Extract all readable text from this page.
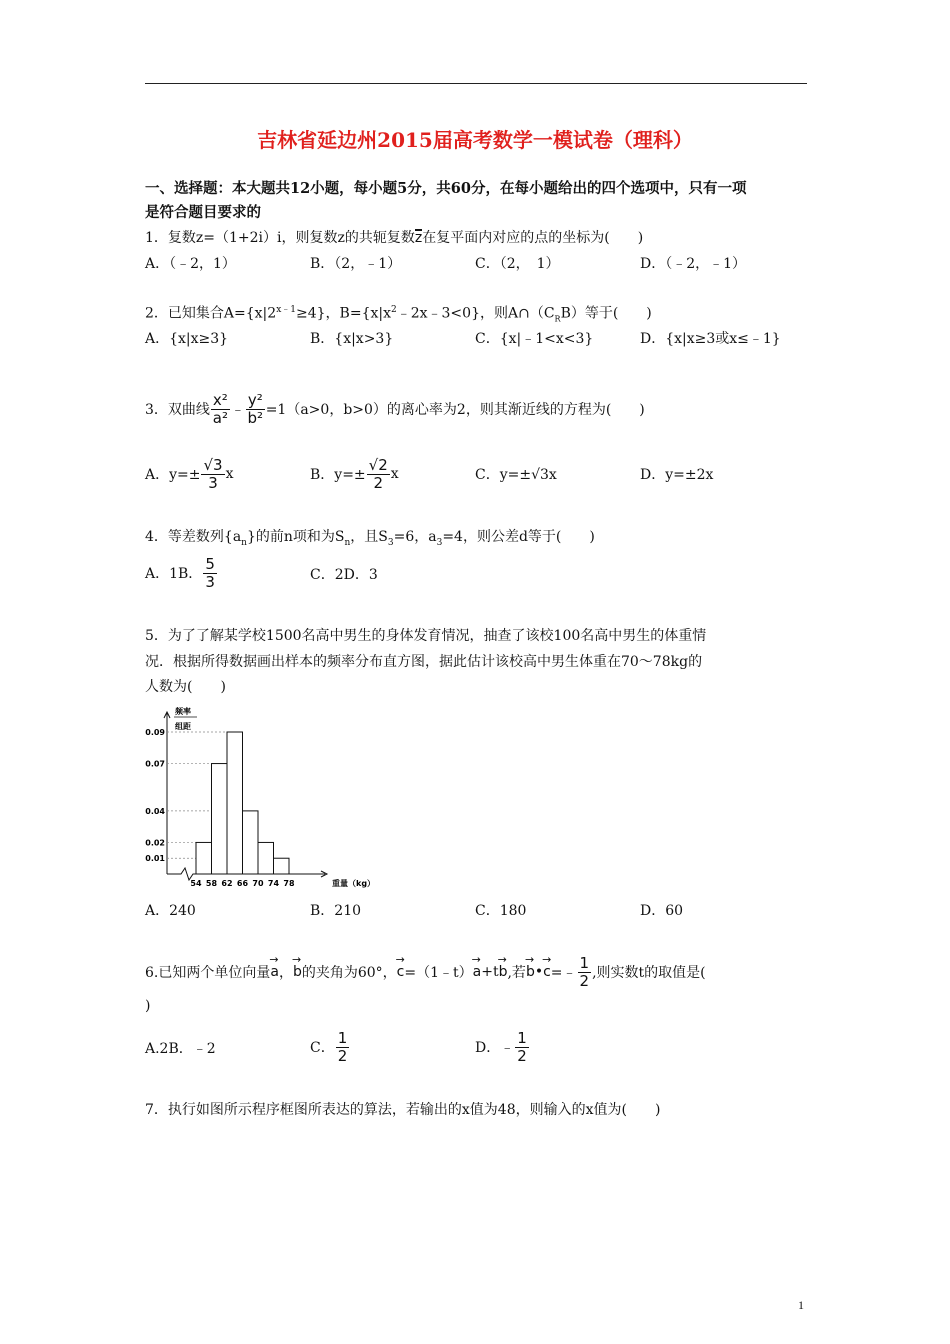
吉林省延边州2015届高考数学一模试卷（理科）
一、选择题：本大题共12小题，每小题5分，共60分，在每小题给出的四个选项中，只有一项
是符合题目要求的
1．复数z=（1+2i）i，则复数z的共轭复数z在复平面内对应的点的坐标为(　　)
A．（﹣2，1）	B．（2，﹣1）	C．（2，　1）	D．（﹣2，﹣1）
2．已知集合$A=\{x|2^{x﹣1}\ge 4\}$，$B=\{x|x^2﹣2x﹣3<0\}$，则$A\cap(C_RB)$等于(　　)
A．{x|x≥3}	B．{x|x>3}	C．{x|﹣1<x<3}	D．{x|x≥3或x≤﹣1}
3．双曲线 $\frac{\text{x²}}{\text{a²}}$ ﹣ $\frac{\text{y²}}{\text{b²}} =1(a>0$，b>0）的离心率为2，则其渐近线的方程为(　　)
A．$y=\pm \frac{√3}{3}$ x	B．$y=\pm \frac{√2}{2}$ x	C．y=±√3x	D．y=±2x
4．等差数列$\{a_n\}$的前n项和为$S_n$，且$S_3=6$，$a_3=4$，则公差d等于(　　)
A．1B． $\frac{5}{3}$	C．2D．3
5．为了了解某学校1500名高中男生的身体发育情况，抽查了该校100名高中男生的体重情
况．根据所得数据画出样本的频率分布直方图，据此估计该校高中男生体重在70～78kg的
人数为(　　)
频率
组距
0.09
0.07
0.04
0.02
0.01
54 58 62 66 70 74 78	重量（kg）
A．240	B．210	C．180	D．60
6.已知两个单位向量 → a ， → b 的夹角为60°， → c =（1﹣t） → a +t → b ,若 → b • → c =﹣ $\frac{1}{2}$ ,则实数t的取值是(
)
A.2B．﹣2	C． $\frac{1}{2}$	D．﹣ $\frac{1}{2}$
7．执行如图所示程序框图所表达的算法，若输出的x值为48，则输入的x值为(　　)
1
